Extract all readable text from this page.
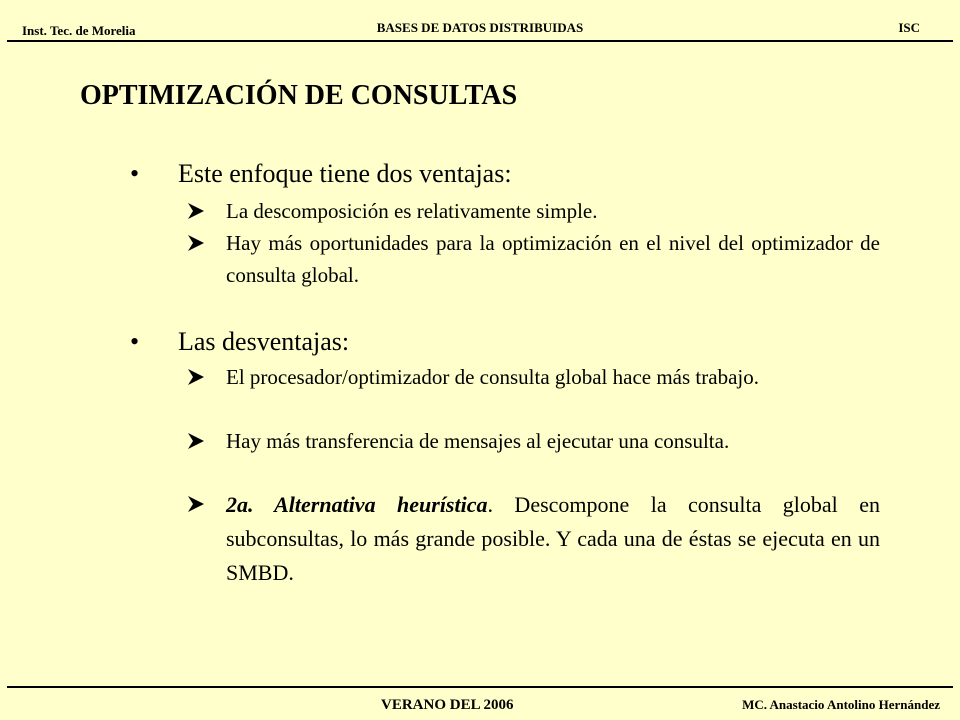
Inst. Tec. de Morelia	BASES DE DATOS DISTRIBUIDAS	ISC
OPTIMIZACIÓN DE CONSULTAS
• Este enfoque tiene dos ventajas:
La descomposición es relativamente simple.
Hay más oportunidades para la optimización en el nivel del optimizador de consulta global.
• Las desventajas:
El procesador/optimizador de consulta global hace más trabajo.
Hay más transferencia de mensajes al ejecutar una consulta.
2a. Alternativa heurística. Descompone la consulta global en subconsultas, lo más grande posible. Y cada una de éstas se ejecuta en un SMBD.
VERANO DEL 2006	MC. Anastacio Antolino Hernández
